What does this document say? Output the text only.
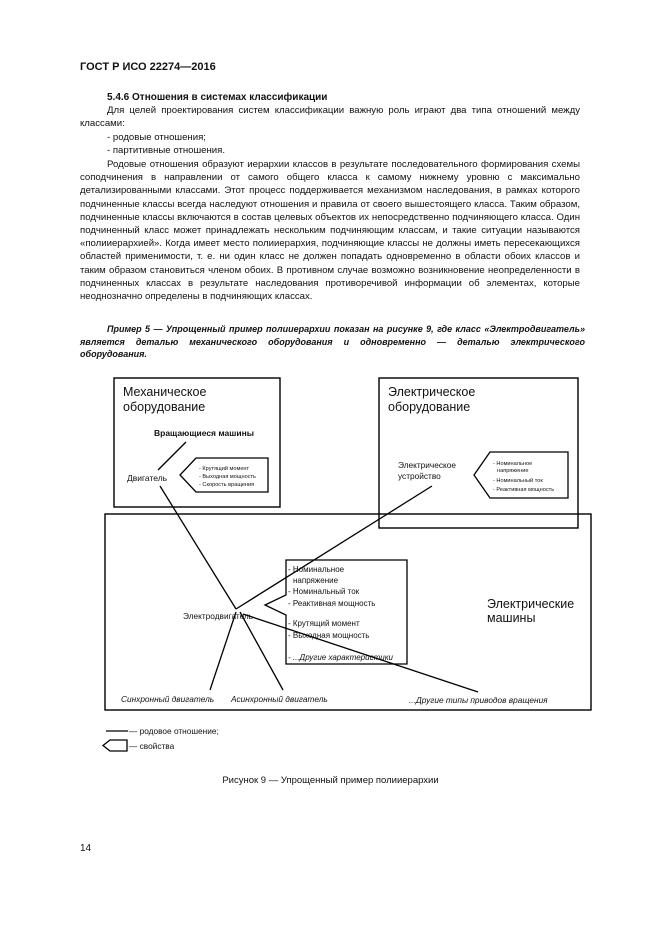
ГОСТ Р ИСО 22274—2016
5.4.6 Отношения в системах классификации

Для целей проектирования систем классификации важную роль играют два типа отношений между классами:

- родовые отношения;

- партитивные отношения.

Родовые отношения образуют иерархии классов в результате последовательного формирования схемы соподчинения в направлении от самого общего класса к самому нижнему уровню с максимально детализированными классами. Этот процесс поддерживается механизмом наследования, в рамках которого подчиненные классы всегда наследуют отношения и правила от своего вышестоящего класса. Таким образом, подчиненные классы включаются в состав целевых объектов их непосредственно подчиняющего класса. Один подчиненный класс может принадлежать нескольким подчиняющим классам, и такие ситуации называются «полииерархией». Когда имеет место полииерархия, подчиняющие классы не должны иметь пересекающихся областей применимости, т. е. ни один класс не должен попадать одновременно в области обоих классов и таким образом становиться членом обоих. В противном случае возможно возникновение неопределенности в подчиненных классах в результате наследования противоречивой информации об элементах, которые неоднозначно определены в подчиняющих классах.

Пример 5 — Упрощенный пример полииерархии показан на рисунке 9, где класс «Электродвигатель» является деталью механического оборудования и одновременно — деталью электрического оборудования.

Механическое
оборудование
Вращающиеся машины
Двигатель
- Крутящий момент
- Выходная мощность
- Скорость вращения
Электрическое
оборудование
Электрическое
устройство
- Номинальное
напряжение
- Номинальный ток
- Реактивная мощность
Электрические
машины
- Номинальное
напряжение
- Номинальный ток
- Реактивная мощность
- Крутящий момент
- Выходная мощность
- ...Другие характеристики
Электродвигатель
Синхронный двигатель Асинхронный двигатель	...Другие типы приводов вращения
— родовое отношение;
— свойства
Рисунок 9 — Упрощенный пример полииерархии
14
